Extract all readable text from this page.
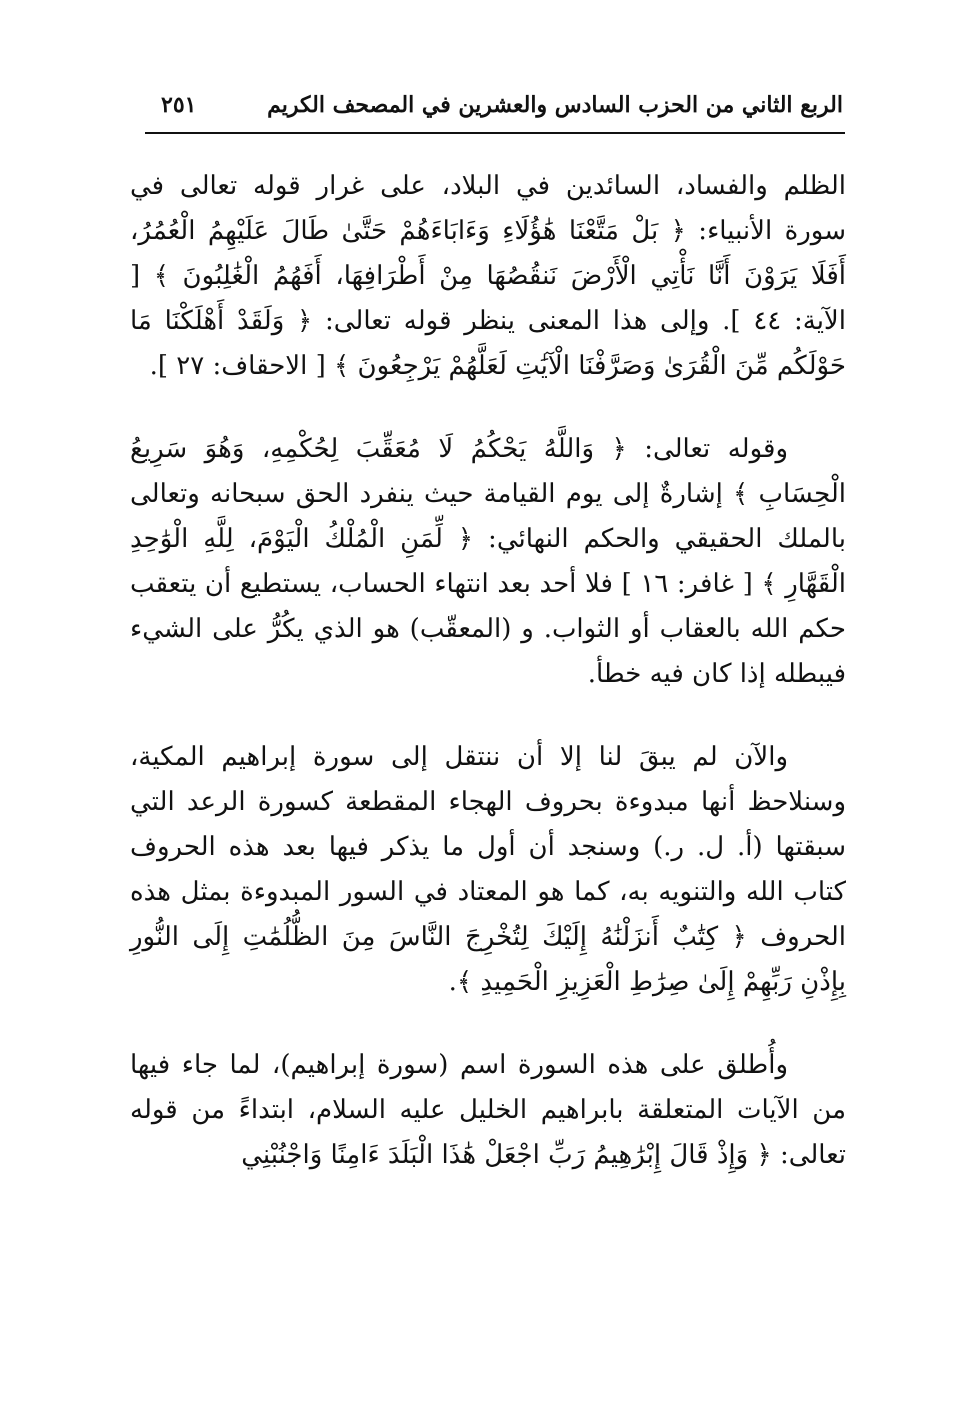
الربع الثاني من الحزب السادس والعشرين في المصحف الكريم
٢٥١

الظلم والفساد، السائدين في البلاد، على غرار قوله تعالى في سورة الأنبياء: ﴿ بَلْ مَتَّعْنَا هَٰؤُلَاءِ وَءَابَاءَهُمْ حَتَّىٰ طَالَ عَلَيْهِمُ الْعُمُرُ، أَفَلَا يَرَوْنَ أَنَّا نَأْتِي الْأَرْضَ نَنقُصُهَا مِنْ أَطْرَافِهَا، أَفَهُمُ الْغَٰلِبُونَ ﴾ [ الآية: ٤٤ ]. وإلى هذا المعنى ينظر قوله تعالى: ﴿ وَلَقَدْ أَهْلَكْنَا مَا حَوْلَكُم مِّنَ الْقُرَىٰ وَصَرَّفْنَا الْآيَٰتِ لَعَلَّهُمْ يَرْجِعُونَ ﴾ [ الاحقاف: ٢٧ ].

وقوله تعالى: ﴿ وَاللَّهُ يَحْكُمُ لَا مُعَقِّبَ لِحُكْمِهِ، وَهُوَ سَرِيعُ الْحِسَابِ ﴾ إشارةٌ إلى يوم القيامة حيث ينفرد الحق سبحانه وتعالى بالملك الحقيقي والحكم النهائي: ﴿ لِّمَنِ الْمُلْكُ الْيَوْمَ، لِلَّهِ الْوَٰحِدِ الْقَهَّارِ ﴾ [ غافر: ١٦ ] فلا أحد بعد انتهاء الحساب، يستطيع أن يتعقب حكم الله بالعقاب أو الثواب. و (المعقّب) هو الذي يكُرُّ على الشيء فيبطله إذا كان فيه خطأ.

والآن لم يبقَ لنا إلا أن ننتقل إلى سورة إبراهيم المكية، وسنلاحظ أنها مبدوءة بحروف الهجاء المقطعة كسورة الرعد التي سبقتها (أ. ل. ر.) وسنجد أن أول ما يذكر فيها بعد هذه الحروف كتاب الله والتنويه به، كما هو المعتاد في السور المبدوءة بمثل هذه الحروف ﴿ كِتَٰبٌ أَنزَلْنَٰهُ إِلَيْكَ لِتُخْرِجَ النَّاسَ مِنَ الظُّلُمَٰتِ إِلَى النُّورِ بِإِذْنِ رَبِّهِمْ إِلَىٰ صِرَٰطِ الْعَزِيزِ الْحَمِيدِ ﴾.

وأُطلق على هذه السورة اسم (سورة إبراهيم)، لما جاء فيها من الآيات المتعلقة بابراهيم الخليل عليه السلام، ابتداءً من قوله تعالى: ﴿ وَإِذْ قَالَ إِبْرَٰهِيمُ رَبِّ اجْعَلْ هَٰذَا الْبَلَدَ ءَامِنًا وَاجْنُبْنِي
